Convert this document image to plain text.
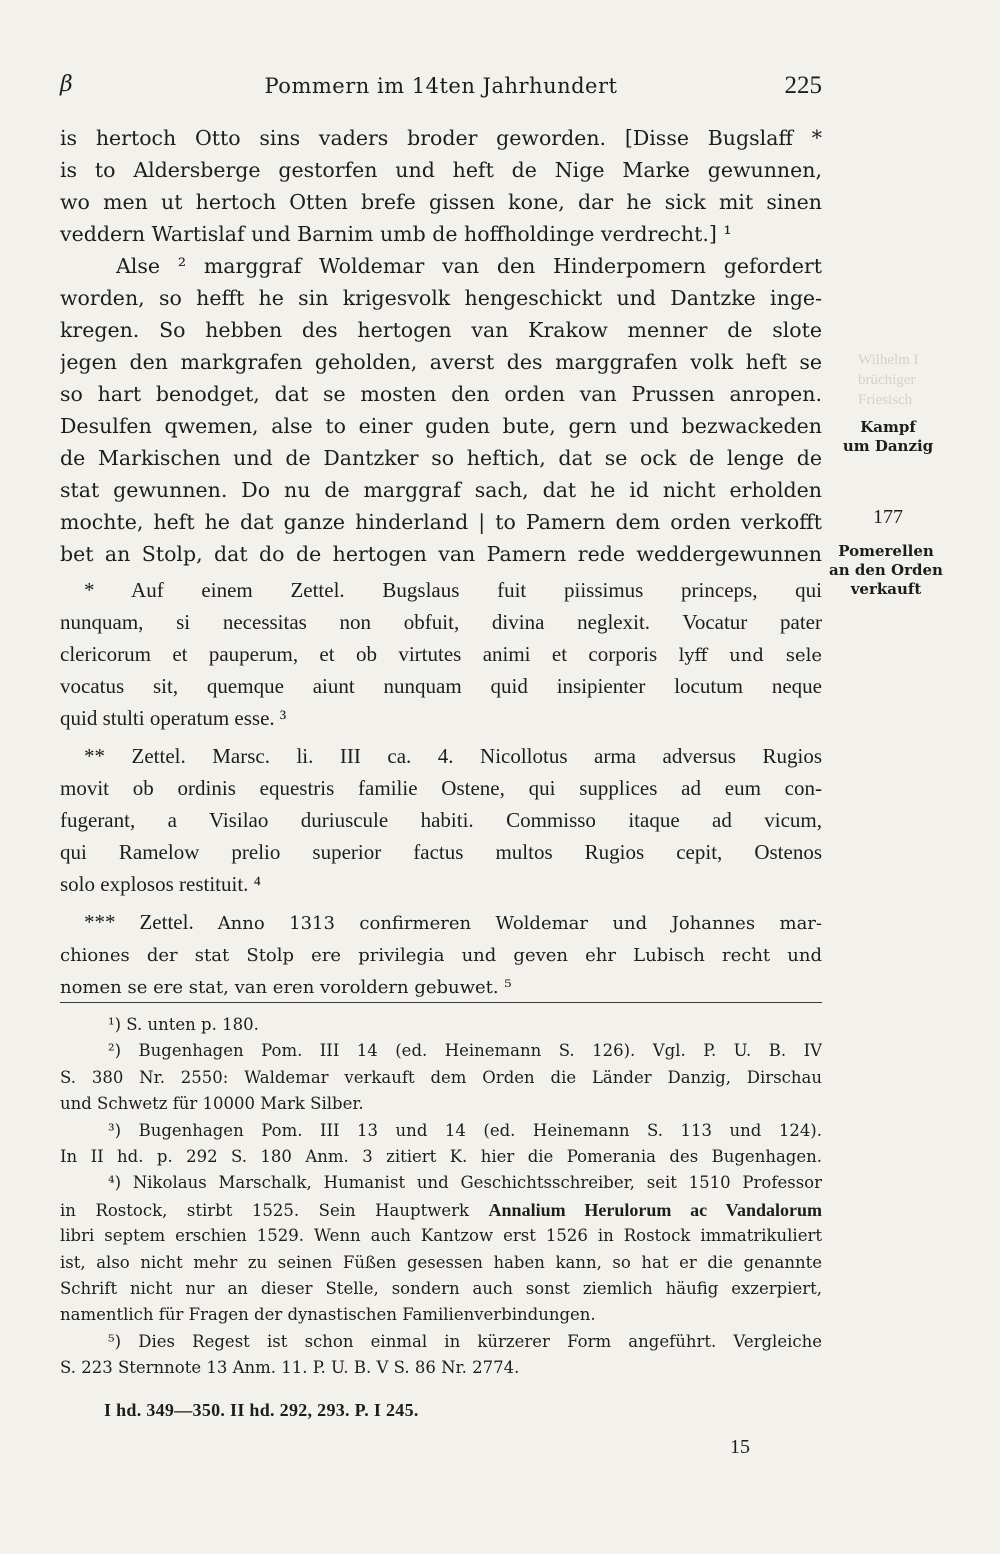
Wilhelm I
brüchiger
Friesisch
β	Pommern im 14ten Jahrhundert	225
is hertoch Otto sins vaders broder geworden. [Disse Bugslaff *
is to Aldersberge gestorfen und heft de Nige Marke gewunnen,
wo men ut hertoch Otten brefe gissen kone, dar he sick mit sinen
veddern Wartislaf und Barnim umb de hoffholdinge verdrecht.] ¹
Alse ² marggraf Woldemar van den Hinderpomern gefordert
worden, so hefft he sin krigesvolk hengeschickt und Dantzke inge-
kregen. So hebben des hertogen van Krakow menner de slote
jegen den markgrafen geholden, averst des marggrafen volk heft se
so hart benodget, dat se mosten den orden van Prussen anropen.
Desulfen qwemen, alse to einer guden bute, gern und bezwackeden
de Markischen und de Dantzker so heftich, dat se ock de lenge de
stat gewunnen. Do nu de marggraf sach, dat he id nicht erholden
mochte, heft he dat ganze hinderland | to Pamern dem orden verkofft
bet an Stolp, dat do de hertogen van Pamern rede weddergewunnen
* Auf einem Zettel. Bugslaus fuit piissimus princeps, qui
nunquam, si necessitas non obfuit, divina neglexit. Vocatur pater
clericorum et pauperum, et ob virtutes animi et corporis lyff und sele
vocatus sit, quemque aiunt nunquam quid insipienter locutum neque
quid stulti operatum esse. ³
** Zettel. Marsc. li. III ca. 4. Nicollotus arma adversus Rugios
movit ob ordinis equestris familie Ostene, qui supplices ad eum con-
fugerant, a Visilao duriuscule habiti. Commisso itaque ad vicum,
qui Ramelow prelio superior factus multos Rugios cepit, Ostenos
solo explosos restituit. ⁴
*** Zettel. Anno 1313 confirmeren Woldemar und Johannes mar-
chiones der stat Stolp ere privilegia und geven ehr Lubisch recht und
nomen se ere stat, van eren voroldern gebuwet. ⁵
¹) S. unten p. 180.
²) Bugenhagen Pom. III 14 (ed. Heinemann S. 126). Vgl. P. U. B. IV
S. 380 Nr. 2550: Waldemar verkauft dem Orden die Länder Danzig, Dirschau
und Schwetz für 10000 Mark Silber.
³) Bugenhagen Pom. III 13 und 14 (ed. Heinemann S. 113 und 124).
In II hd. p. 292 S. 180 Anm. 3 zitiert K. hier die Pomerania des Bugenhagen.
⁴) Nikolaus Marschalk, Humanist und Geschichtsschreiber, seit 1510 Professor
in Rostock, stirbt 1525. Sein Hauptwerk Annalium Herulorum ac Vandalorum
libri septem erschien 1529. Wenn auch Kantzow erst 1526 in Rostock immatrikuliert
ist, also nicht mehr zu seinen Füßen gesessen haben kann, so hat er die genannte
Schrift nicht nur an dieser Stelle, sondern auch sonst ziemlich häufig exzerpiert,
namentlich für Fragen der dynastischen Familienverbindungen.
⁵) Dies Regest ist schon einmal in kürzerer Form angeführt. Vergleiche
S. 223 Sternnote 13 Anm. 11. P. U. B. V S. 86 Nr. 2774.
I hd. 349—350. II hd. 292, 293. P. I 245.
15
Kampf
um Danzig
177
Pomerellen
an den Orden
verkauft
